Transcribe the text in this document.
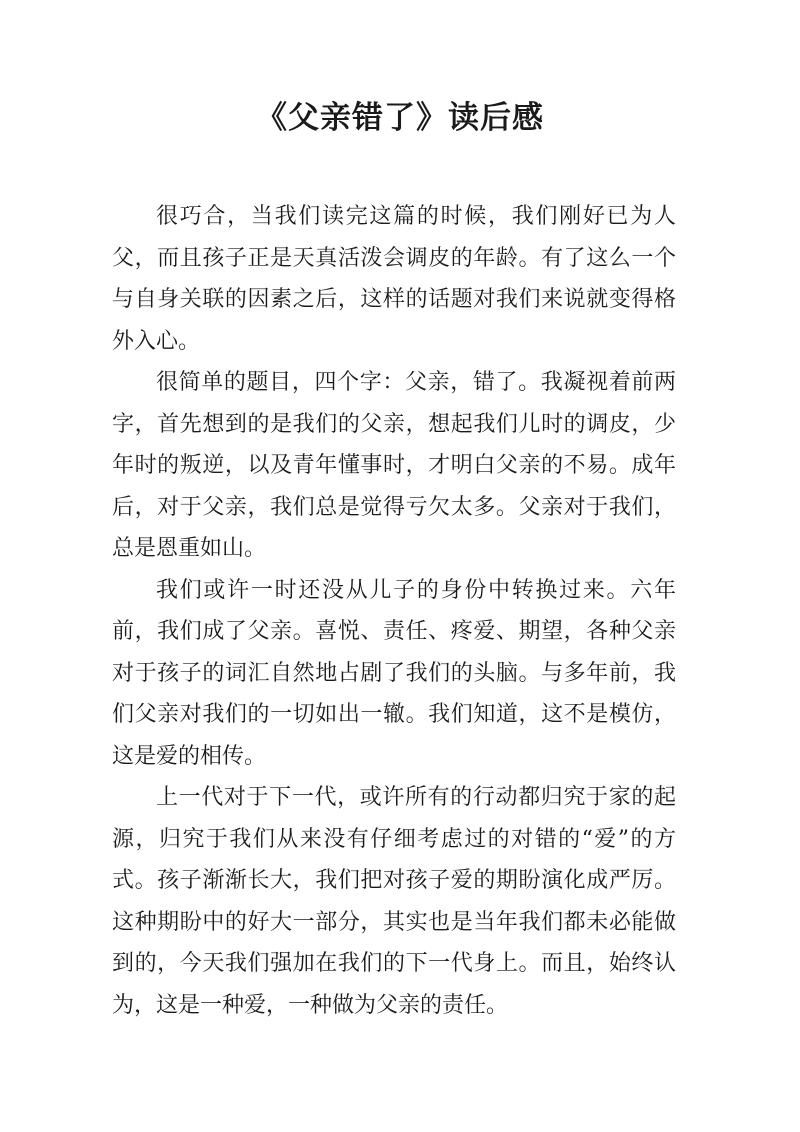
《父亲错了》读后感

很巧合，当我们读完这篇的时候，我们刚好已为人父，而且孩子正是天真活泼会调皮的年龄。有了这么一个与自身关联的因素之后，这样的话题对我们来说就变得格外入心。

很简单的题目，四个字：父亲，错了。我凝视着前两字，首先想到的是我们的父亲，想起我们儿时的调皮，少年时的叛逆，以及青年懂事时，才明白父亲的不易。成年后，对于父亲，我们总是觉得亏欠太多。父亲对于我们，总是恩重如山。

我们或许一时还没从儿子的身份中转换过来。六年前，我们成了父亲。喜悦、责任、疼爱、期望，各种父亲对于孩子的词汇自然地占剧了我们的头脑。与多年前，我们父亲对我们的一切如出一辙。我们知道，这不是模仿，这是爱的相传。

上一代对于下一代，或许所有的行动都归究于家的起源，归究于我们从来没有仔细考虑过的对错的“爱”的方式。孩子渐渐长大，我们把对孩子爱的期盼演化成严厉。这种期盼中的好大一部分，其实也是当年我们都未必能做到的，今天我们强加在我们的下一代身上。而且，始终认为，这是一种爱，一种做为父亲的责任。
